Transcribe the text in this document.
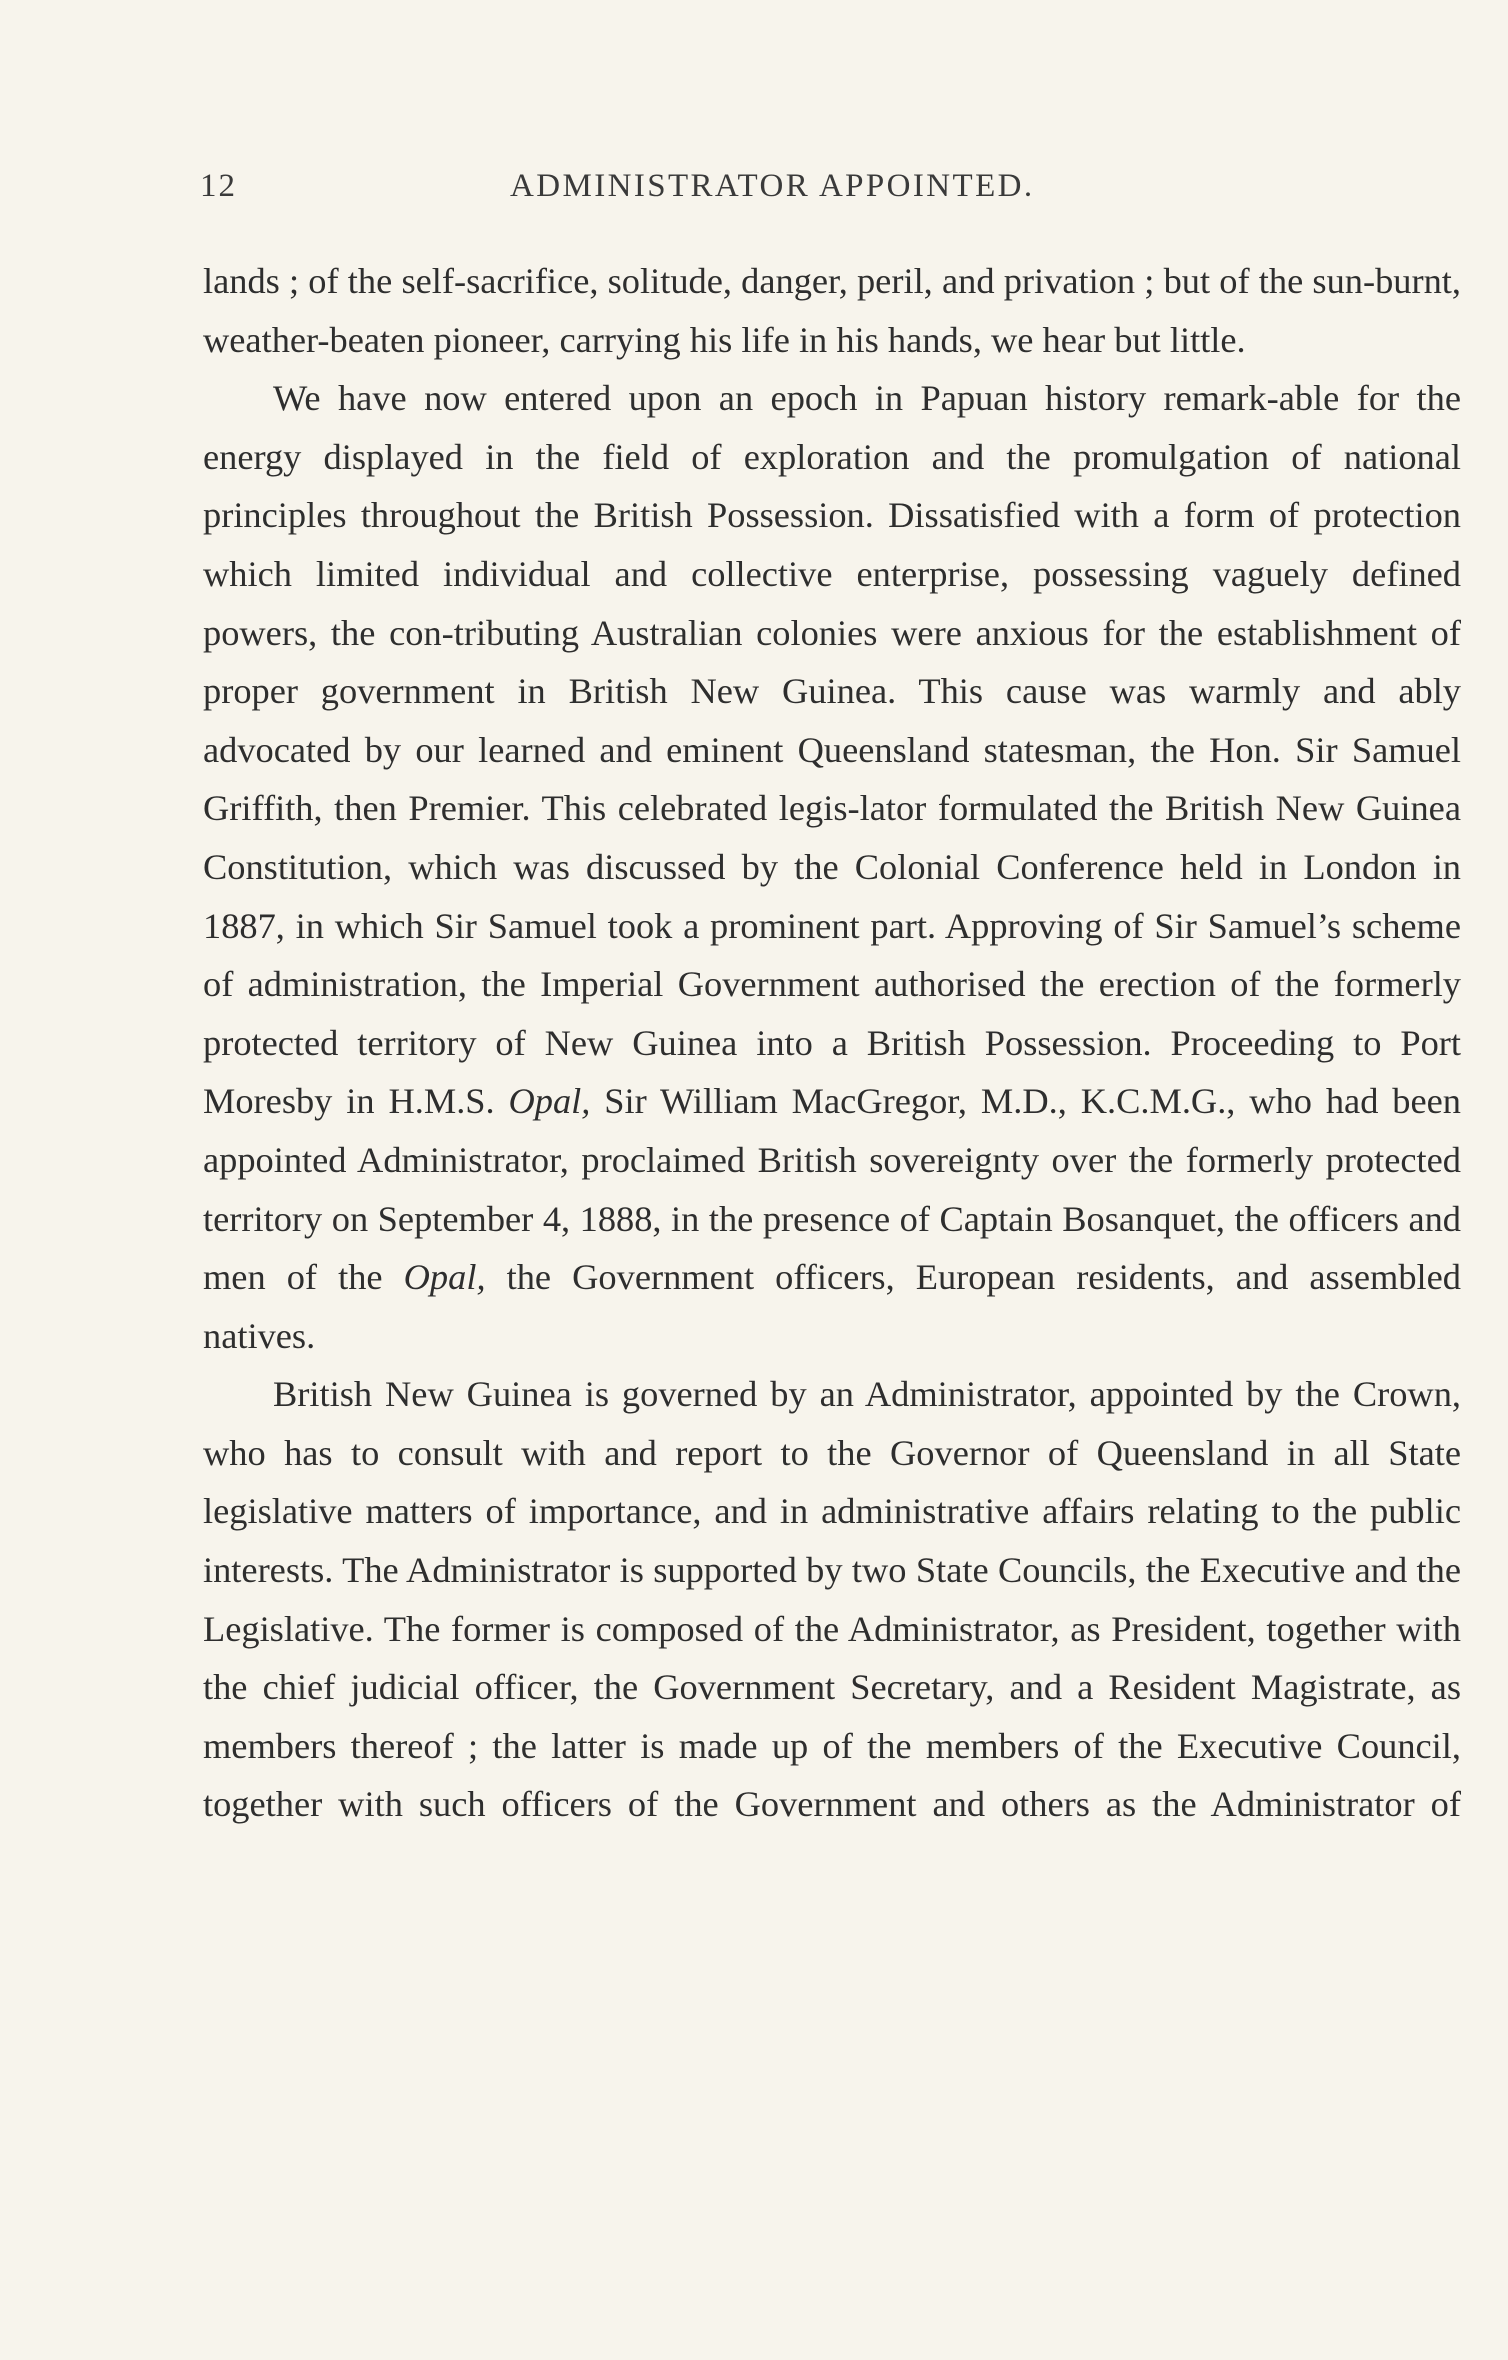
12	ADMINISTRATOR APPOINTED.

lands ; of the self-sacrifice, solitude, danger, peril, and privation ; but of the sun-burnt, weather-beaten pioneer, carrying his life in his hands, we hear but little.

We have now entered upon an epoch in Papuan history remark-able for the energy displayed in the field of exploration and the promulgation of national principles throughout the British Possession. Dissatisfied with a form of protection which limited individual and collective enterprise, possessing vaguely defined powers, the con-tributing Australian colonies were anxious for the establishment of proper government in British New Guinea. This cause was warmly and ably advocated by our learned and eminent Queensland statesman, the Hon. Sir Samuel Griffith, then Premier. This celebrated legis-lator formulated the British New Guinea Constitution, which was discussed by the Colonial Conference held in London in 1887, in which Sir Samuel took a prominent part. Approving of Sir Samuel’s scheme of administration, the Imperial Government authorised the erection of the formerly protected territory of New Guinea into a British Possession. Proceeding to Port Moresby in H.M.S. Opal, Sir William MacGregor, M.D., K.C.M.G., who had been appointed Administrator, proclaimed British sovereignty over the formerly protected territory on September 4, 1888, in the presence of Captain Bosanquet, the officers and men of the Opal, the Government officers, European residents, and assembled natives.

British New Guinea is governed by an Administrator, appointed by the Crown, who has to consult with and report to the Governor of Queensland in all State legislative matters of importance, and in administrative affairs relating to the public interests. The Administrator is supported by two State Councils, the Executive and the Legislative. The former is composed of the Administrator, as President, together with the chief judicial officer, the Government Secretary, and a Resident Magistrate, as members thereof ; the latter is made up of the members of the Executive Council, together with such officers of the Government and others as the Administrator of
